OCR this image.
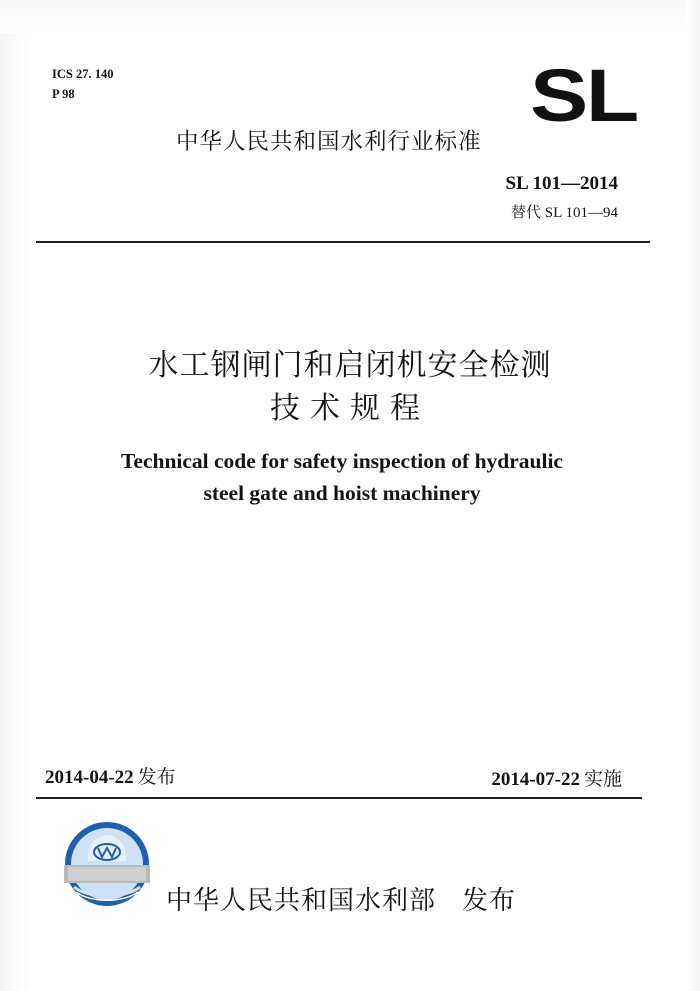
ICS 27. 140
P 98	SL
中华人民共和国水利行业标准
SL 101—2014
替代 SL 101—94
水工钢闸门和启闭机安全检测
技术规程
Technical code for safety inspection of hydraulic
steel gate and hoist machinery
2014-04-22 发布	2014-07-22 实施
中华人民共和国水利部 发布
